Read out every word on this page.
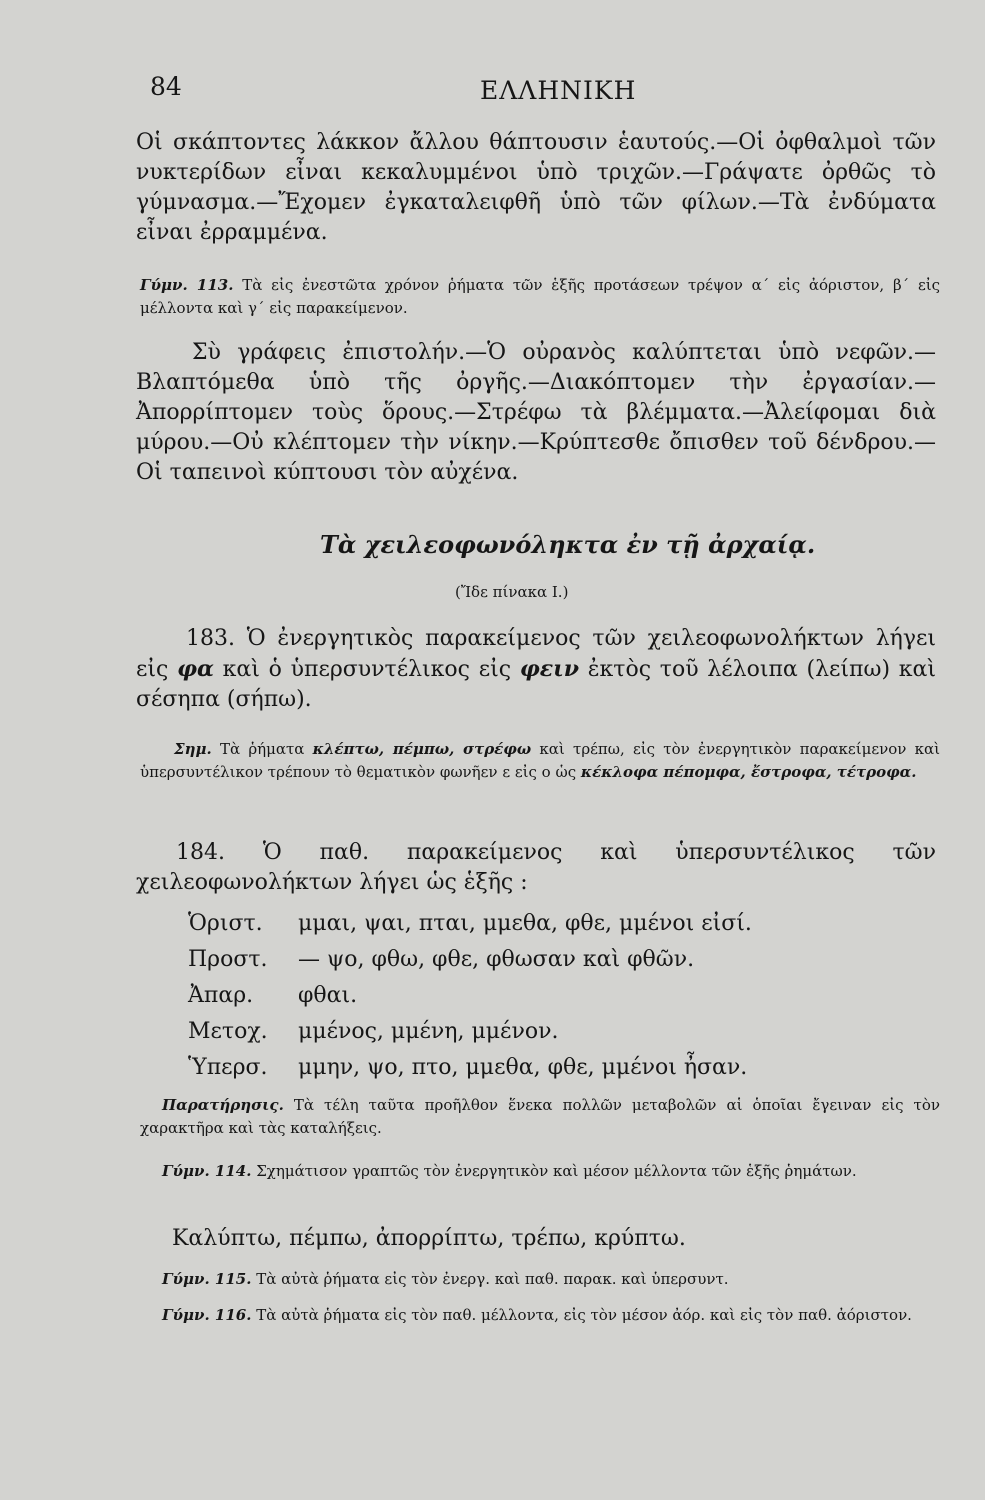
84	ΕΛΛΗΝΙΚΗ

Οἱ σκάπτοντες λάκκον ἄλλου θάπτουσιν ἑαυτούς.—Οἱ ὀφθαλμοὶ τῶν νυκτερίδων εἶναι κεκαλυμμένοι ὑπὸ τριχῶν.—Γράψατε ὀρθῶς τὸ γύμνασμα.—Ἔχομεν ἐγκαταλειφθῆ ὑπὸ τῶν φίλων.—Τὰ ἐνδύματα εἶναι ἐρραμμένα.

Γύμν. 113. Τὰ εἰς ἐνεστῶτα χρόνον ῥήματα τῶν ἑξῆς προτάσεων τρέψον α΄ εἰς ἀόριστον, β΄ εἰς μέλλοντα καὶ γ΄ εἰς παρακείμενον.

Σὺ γράφεις ἐπιστολήν.—Ὁ οὐρανὸς καλύπτεται ὑπὸ νεφῶν.—Βλαπτόμεθα ὑπὸ τῆς ὀργῆς.—Διακόπτομεν τὴν ἐργασίαν.—Ἀπορρίπτομεν τοὺς ὅρους.—Στρέφω τὰ βλέμματα.—Ἀλείφομαι διὰ μύρου.—Οὐ κλέπτομεν τὴν νίκην.—Κρύπτεσθε ὄπισθεν τοῦ δένδρου.—Οἱ ταπεινοὶ κύπτουσι τὸν αὐχένα.

Τὰ χειλεοφωνόληκτα ἐν τῇ ἀρχαίᾳ.
(Ἴδε πίνακα Ι.)

183. Ὁ ἐνεργητικὸς παρακείμενος τῶν χειλεοφωνολήκτων λήγει εἰς φα καὶ ὁ ὑπερσυντέλικος εἰς φειν ἐκτὸς τοῦ λέλοιπα (λείπω) καὶ σέσηπα (σήπω).

Σημ. Τὰ ῥήματα κλέπτω, πέμπω, στρέφω καὶ τρέπω, εἰς τὸν ἐνεργητικὸν παρακείμενον καὶ ὑπερσυντέλικον τρέπουν τὸ θεματικὸν φωνῆεν ε εἰς ο ὡς κέκλοφα πέπομφα, ἔστροφα, τέτροφα.

184. Ὁ παθ. παρακείμενος καὶ ὑπερσυντέλικος τῶν χειλεοφωνολήκτων λήγει ὡς ἑξῆς :

Ὁριστ. μμαι, ψαι, πται, μμεθα, φθε, μμένοι εἰσί.
Προστ. — ψο, φθω, φθε, φθωσαν καὶ φθῶν.
Ἀπαρ. φθαι.
Μετοχ. μμένος, μμένη, μμένον.
Ὑπερσ. μμην, ψο, πτο, μμεθα, φθε, μμένοι ἦσαν.

Παρατήρησις. Τὰ τέλη ταῦτα προῆλθον ἕνεκα πολλῶν μεταβολῶν αἱ ὁποῖαι ἔγειναν εἰς τὸν χαρακτῆρα καὶ τὰς καταλήξεις.

Γύμν. 114. Σχημάτισον γραπτῶς τὸν ἐνεργητικὸν καὶ μέσον μέλλοντα τῶν ἑξῆς ῥημάτων.

Καλύπτω, πέμπω, ἀπορρίπτω, τρέπω, κρύπτω.

Γύμν. 115. Τὰ αὐτὰ ῥήματα εἰς τὸν ἐνεργ. καὶ παθ. παρακ. καὶ ὑπερσυντ.

Γύμν. 116. Τὰ αὐτὰ ῥήματα εἰς τὸν παθ. μέλλοντα, εἰς τὸν μέσον ἀόρ. καὶ εἰς τὸν παθ. ἀόριστον.
